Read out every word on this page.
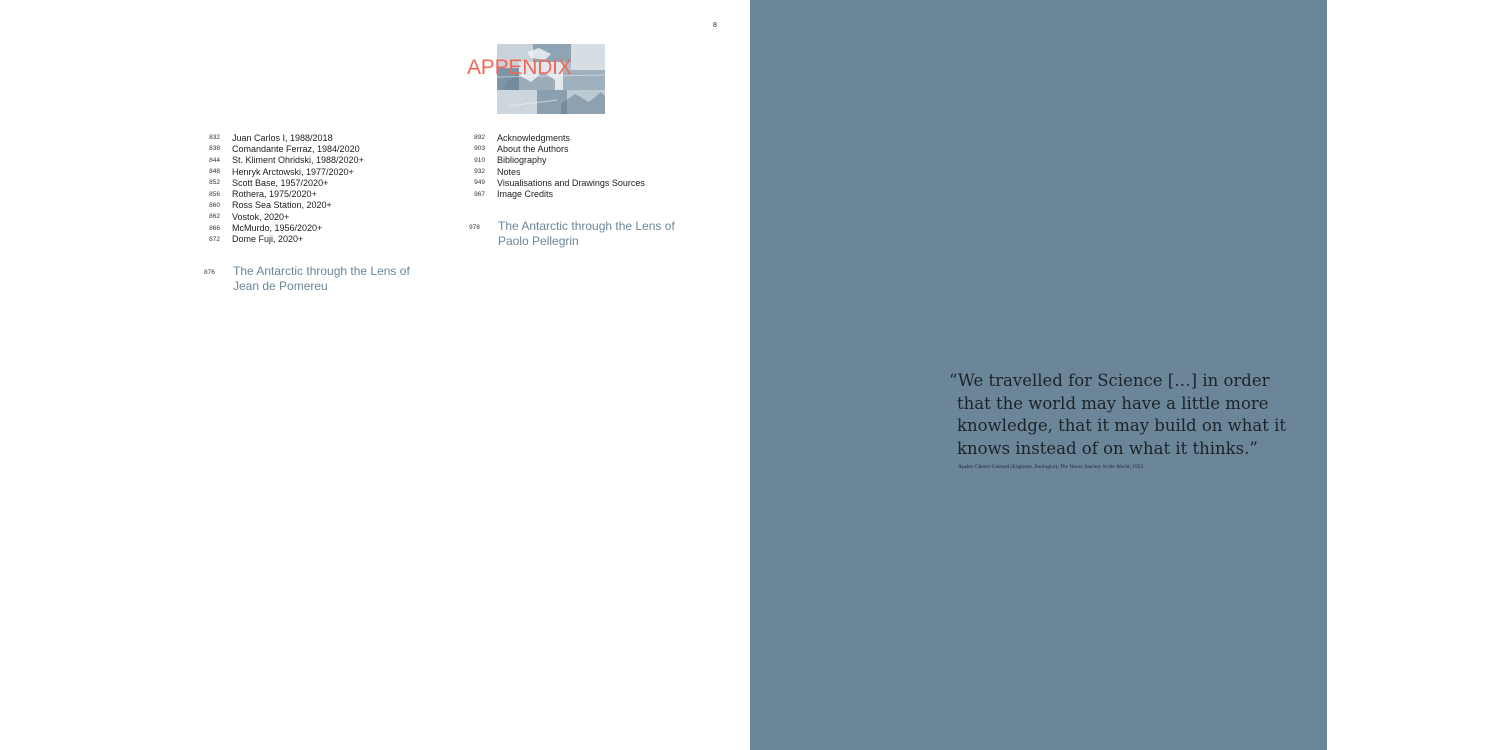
8
APPENDIX
832	Juan Carlos I, 1988/2018
838	Comandante Ferraz, 1984/2020
844	St. Kliment Ohridski, 1988/2020+
848	Henryk Arctowski, 1977/2020+
852	Scott Base, 1957/2020+
856	Rothera, 1975/2020+
860	Ross Sea Station, 2020+
862	Vostok, 2020+
866	McMurdo, 1956/2020+
872	Dome Fuji, 2020+
876	The Antarctic through the Lens of
Jean de Pomereu
892	Acknowledgments
903	About the Authors
910	Bibliography
932	Notes
949	Visualisations and Drawings Sources
967	Image Credits
978	The Antarctic through the Lens of
Paolo Pellegrin
“We travelled for Science […] in order
that the world may have a little more
knowledge, that it may build on what it
knows instead of on what it thinks.”
Apsley Cherry-Garrard (Explorer, Zoologist), The Worst Journey in the World, 1922
